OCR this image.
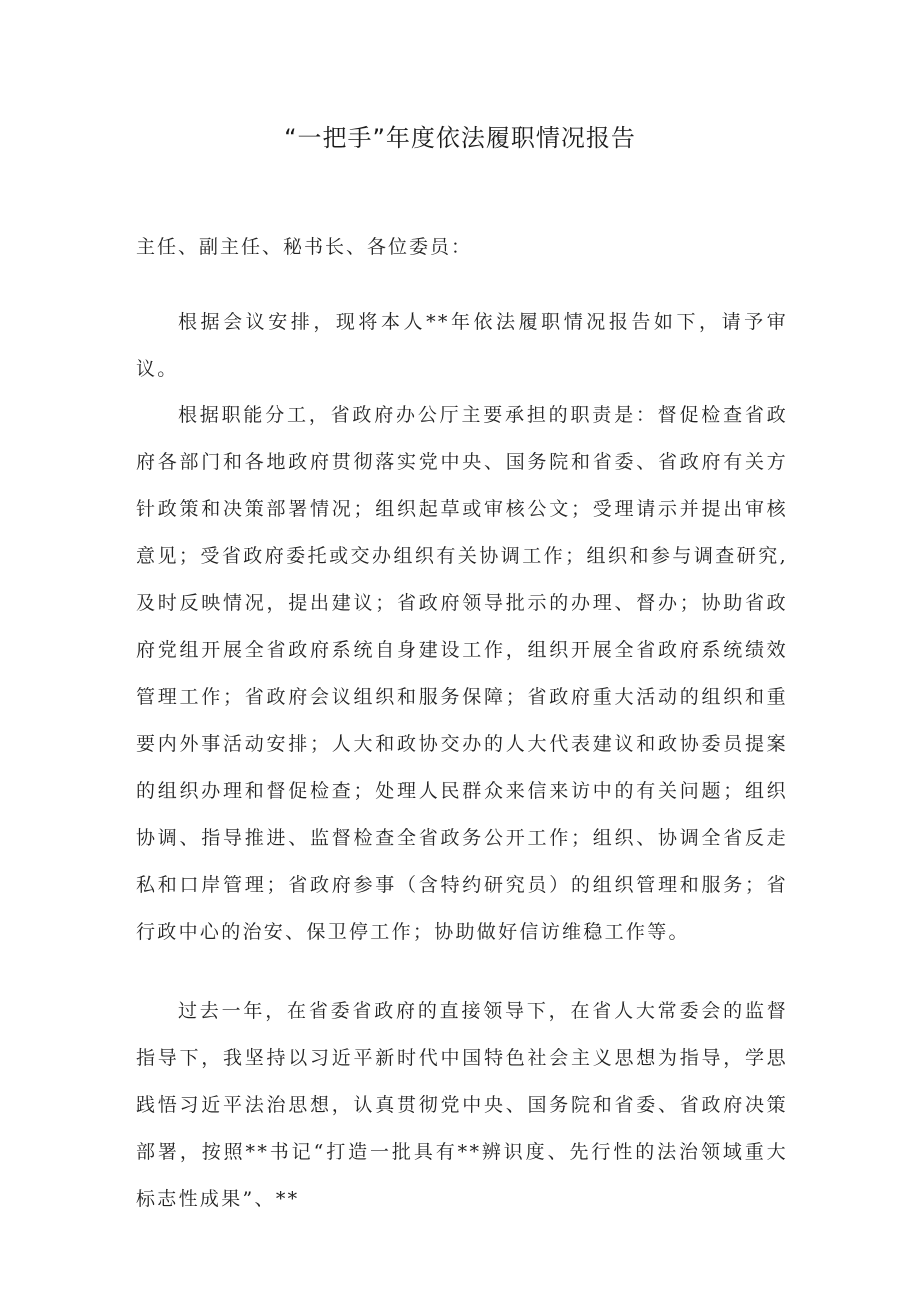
“一把手”年度依法履职情况报告

主任、副主任、秘书长、各位委员：

根据会议安排，现将本人**年依法履职情况报告如下，请予审议。

根据职能分工，省政府办公厅主要承担的职责是：督促检查省政府各部门和各地政府贯彻落实党中央、国务院和省委、省政府有关方针政策和决策部署情况；组织起草或审核公文；受理请示并提出审核意见；受省政府委托或交办组织有关协调工作；组织和参与调查研究,及时反映情况，提出建议；省政府领导批示的办理、督办；协助省政府党组开展全省政府系统自身建设工作，组织开展全省政府系统绩效管理工作；省政府会议组织和服务保障；省政府重大活动的组织和重要内外事活动安排；人大和政协交办的人大代表建议和政协委员提案的组织办理和督促检查；处理人民群众来信来访中的有关问题；组织协调、指导推进、监督检查全省政务公开工作；组织、协调全省反走私和口岸管理；省政府参事（含特约研究员）的组织管理和服务；省行政中心的治安、保卫停工作；协助做好信访维稳工作等。

过去一年，在省委省政府的直接领导下，在省人大常委会的监督指导下，我坚持以习近平新时代中国特色社会主义思想为指导，学思践悟习近平法治思想，认真贯彻党中央、国务院和省委、省政府决策部署，按照**书记“打造一批具有**辨识度、先行性的法治领域重大标志性成果”、**
